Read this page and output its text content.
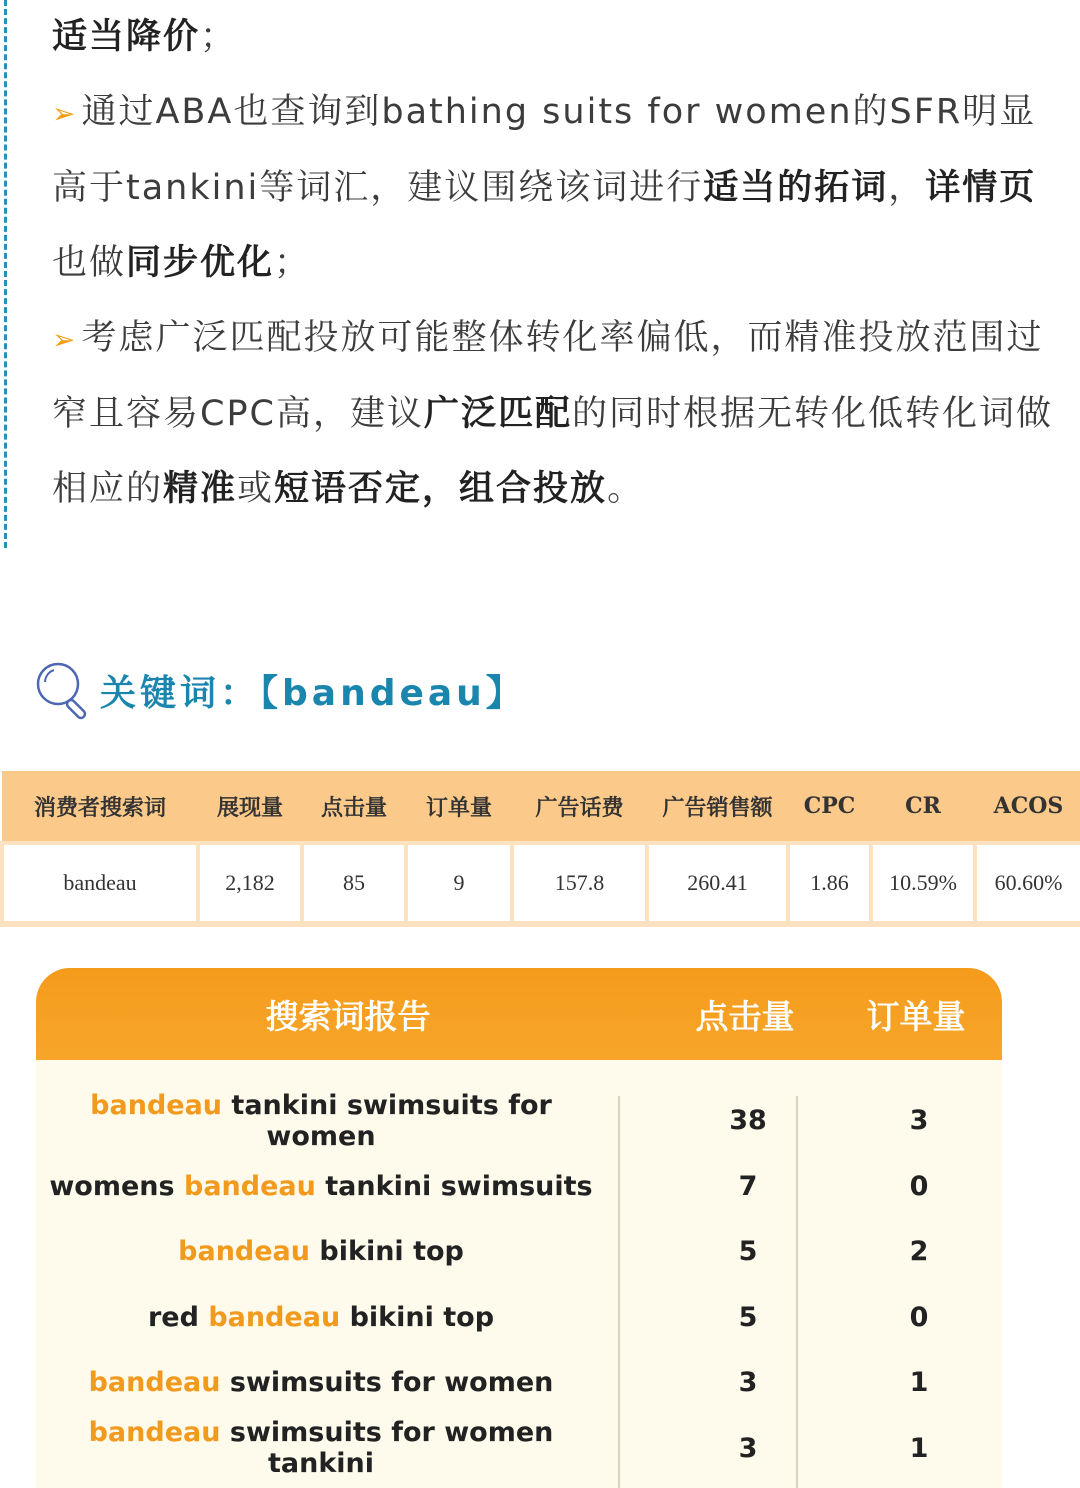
适当降价；

➢ 通过ABA也查询到bathing suits for women的SFR明显高于tankini等词汇，建议围绕该词进行适当的拓词，详情页也做同步优化；

➢ 考虑广泛匹配投放可能整体转化率偏低，而精准投放范围过窄且容易CPC高，建议广泛匹配的同时根据无转化低转化词做相应的精准或短语否定，组合投放。

关键词：【bandeau】
消费者搜索词	展现量	点击量	订单量	广告话费	广告销售额	CPC	CR	ACOS
bandeau	2,182	85	9	157.8	260.41	1.86	10.59%	60.60%
搜索词报告	点击量	订单量
bandeau tankini swimsuits for women	38	3
womens bandeau tankini swimsuits	7	0
bandeau bikini top	5	2
red bandeau bikini top	5	0
bandeau swimsuits for women	3	1
bandeau swimsuits for women tankini	3	1
